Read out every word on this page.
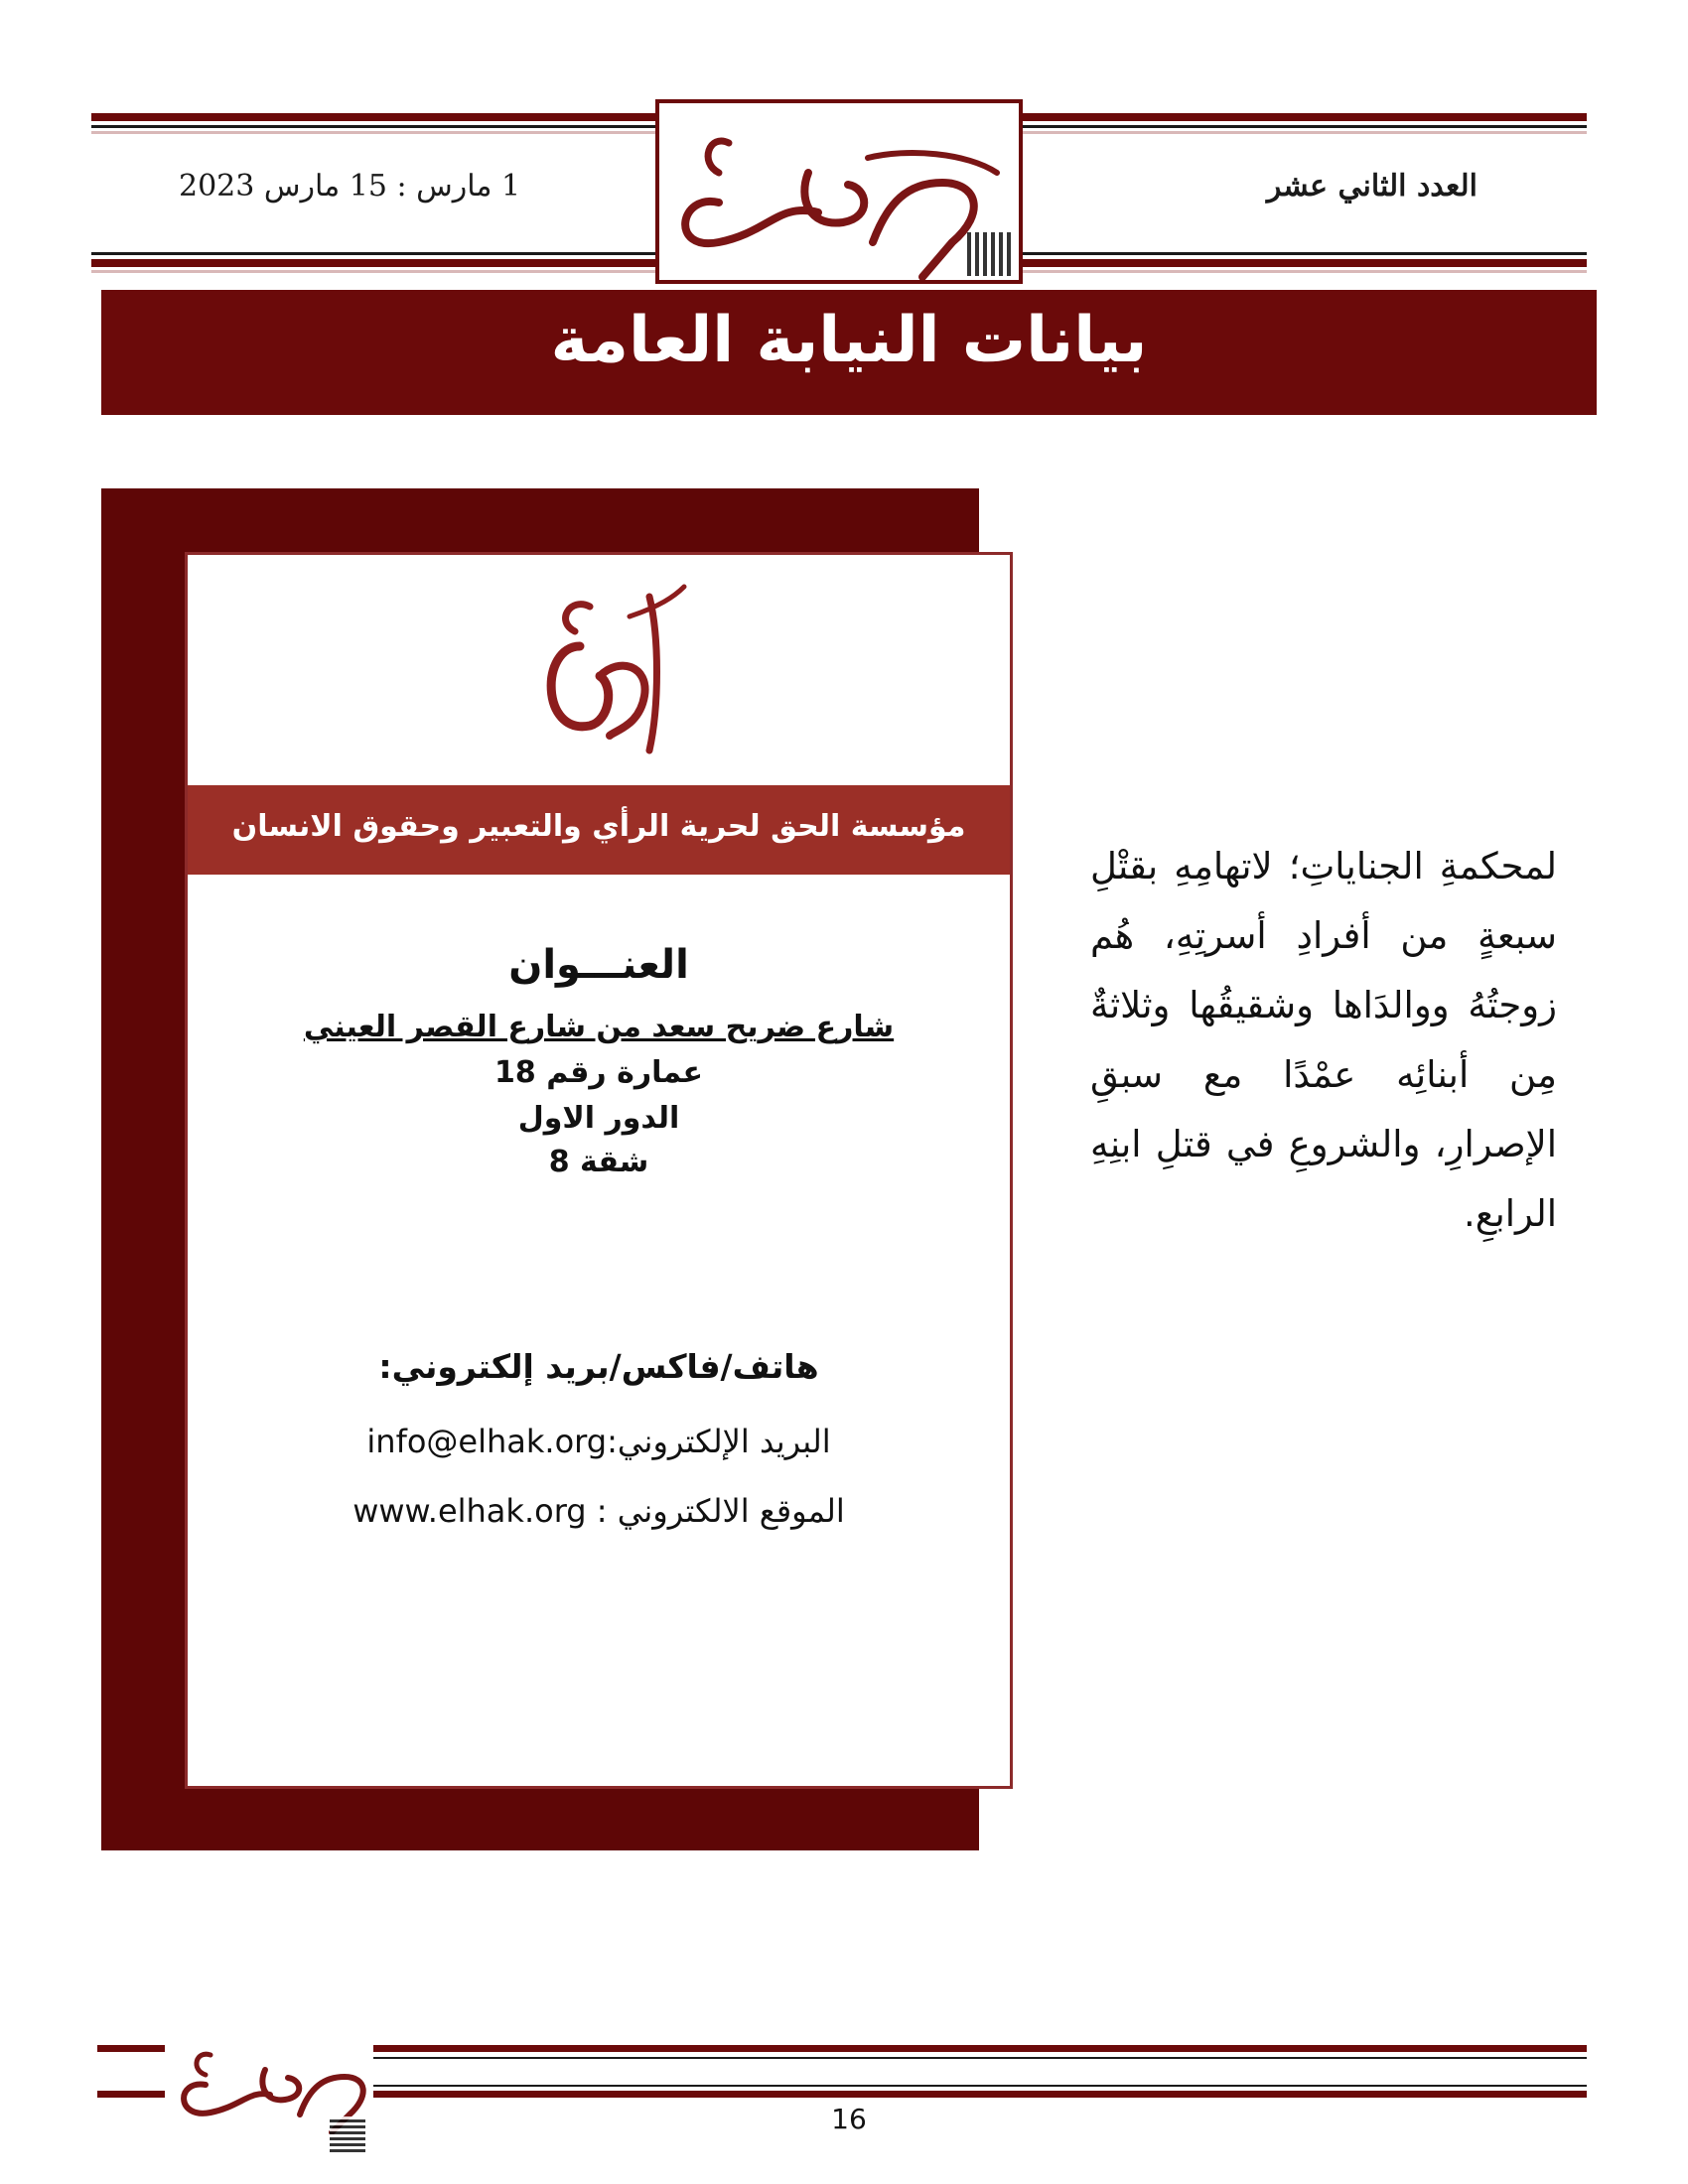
العدد الثاني عشر
1 مارس : 15 مارس 2023
حروف حق
بيانات النيابة العامة
حق
مؤسسة الحق لحرية الرأي والتعبير وحقوق الانسان
العنـــوان
شارع ضريح سعد من شارع القصر العيني
عمارة رقم 18
الدور الاول
شقة 8
هاتف/فاكس/بريد إلكتروني:
البريد الإلكتروني:info@elhak.org
الموقع الالكتروني : www.elhak.org
لمحكمةِ الجناياتِ؛ لاتهامِهِ بقتْلِ سبعةٍ من أفرادِ أسرتِهِ، هُم زوجتُهُ ووالدَاها وشقيقُها وثلاثةٌ مِن أبنائِه عمْدًا مع سبقِ الإصرارِ، والشروعِ في قتلِ ابنِهِ الرابعِ.
حروف حق	16
